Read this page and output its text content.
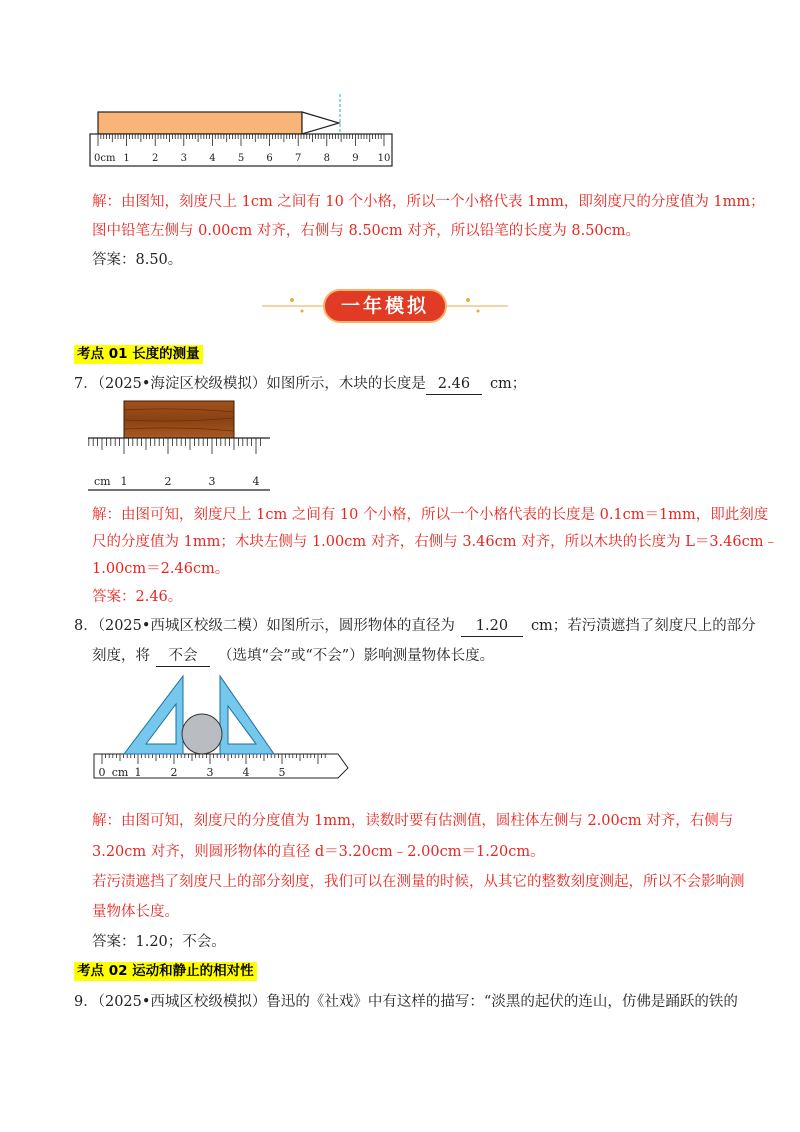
0cm 1 2 3 4 5 6 7 8 9 10
解：由图知，刻度尺上 1cm 之间有 10 个小格，所以一个小格代表 1mm，即刻度尺的分度值为 1mm；
图中铅笔左侧与 0.00cm 对齐，右侧与 8.50cm 对齐，所以铅笔的长度为 8.50cm。
答案：8.50。
一年模拟
考点 01 长度的测量
7．（2025•海淀区校级模拟）如图所示，木块的长度是 2.46 cm；
cm 1	2	3	4
解：由图可知，刻度尺上 1cm 之间有 10 个小格，所以一个小格代表的长度是 0.1cm＝1mm，即此刻度
尺的分度值为 1mm；木块左侧与 1.00cm 对齐，右侧与 3.46cm 对齐，所以木块的长度为 L＝3.46cm﹣
1.00cm＝2.46cm。
答案：2.46。
8．（2025•西城区校级二模）如图所示，圆形物体的直径为 1.20 cm；若污渍遮挡了刻度尺上的部分
刻度，将 不会 （选填“会”或“不会”）影响测量物体长度。
0 cm 1	2	3	4	5
解：由图可知，刻度尺的分度值为 1mm，读数时要有估测值，圆柱体左侧与 2.00cm 对齐，右侧与
3.20cm 对齐，则圆形物体的直径 d＝3.20cm﹣2.00cm＝1.20cm。
若污渍遮挡了刻度尺上的部分刻度，我们可以在测量的时候，从其它的整数刻度测起，所以不会影响测
量物体长度。
答案：1.20；不会。
考点 02 运动和静止的相对性
9．（2025•西城区校级模拟）鲁迅的《社戏》中有这样的描写：“淡黑的起伏的连山，仿佛是踊跃的铁的
